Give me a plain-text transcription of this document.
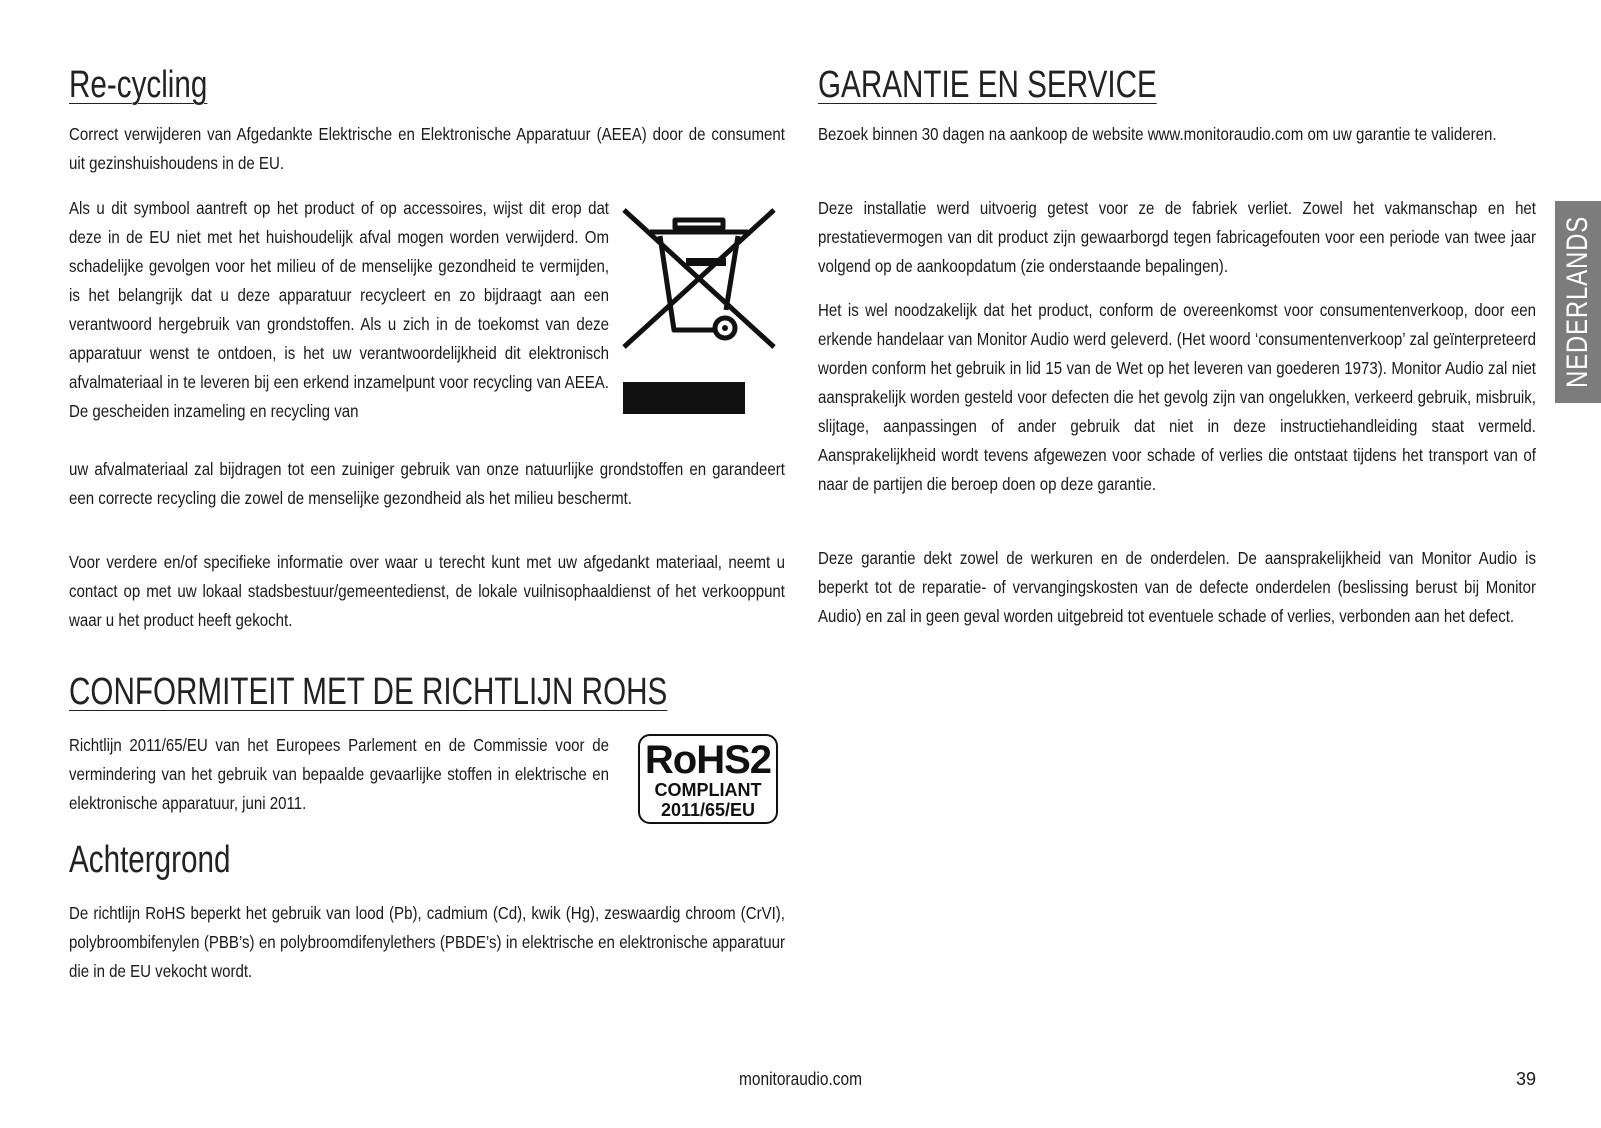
Re-cycling

Correct verwijderen van Afgedankte Elektrische en Elektronische Apparatuur (AEEA) door de consument uit gezinshuishoudens in de EU.

Als u dit symbool aantreft op het product of op accessoires, wijst dit erop dat deze in de EU niet met het huishoudelijk afval mogen worden verwijderd. Om schadelijke gevolgen voor het milieu of de menselijke gezondheid te vermijden, is het belangrijk dat u deze apparatuur recycleert en zo bijdraagt aan een verantwoord hergebruik van grondstoffen. Als u zich in de toekomst van deze apparatuur wenst te ontdoen, is het uw verantwoordelijkheid dit elektronisch afvalmateriaal in te leveren bij een erkend inzamelpunt voor recycling van AEEA. De gescheiden inzameling en recycling van

uw afvalmateriaal zal bijdragen tot een zuiniger gebruik van onze natuurlijke grondstoffen en garandeert een correcte recycling die zowel de menselijke gezondheid als het milieu beschermt.

Voor verdere en/of specifieke informatie over waar u terecht kunt met uw afgedankt materiaal, neemt u contact op met uw lokaal stadsbestuur/gemeentedienst, de lokale vuilnisophaaldienst of het verkooppunt waar u het product heeft gekocht.

CONFORMITEIT MET DE RICHTLIJN ROHS

Richtlijn 2011/65/EU van het Europees Parlement en de Commissie voor de vermindering van het gebruik van bepaalde gevaarlijke stoffen in elektrische en elektronische apparatuur, juni 2011.

RoHS2
COMPLIANT
2011/65/EU
Achtergrond

De richtlijn RoHS beperkt het gebruik van lood (Pb), cadmium (Cd), kwik (Hg), zeswaardig chroom (CrVI), polybroombifenylen (PBB’s) en polybroomdifenylethers (PBDE’s) in elektrische en elektronische apparatuur die in de EU vekocht wordt.

GARANTIE EN SERVICE

Bezoek binnen 30 dagen na aankoop de website www.monitoraudio.com om uw garantie te valideren.

Deze installatie werd uitvoerig getest voor ze de fabriek verliet. Zowel het vakmanschap en het prestatievermogen van dit product zijn gewaarborgd tegen fabricagefouten voor een periode van twee jaar volgend op de aankoopdatum (zie onderstaande bepalingen).

Het is wel noodzakelijk dat het product, conform de overeenkomst voor consumentenverkoop, door een erkende handelaar van Monitor Audio werd geleverd. (Het woord ‘consumentenverkoop’ zal geïnterpreteerd worden conform het gebruik in lid 15 van de Wet op het leveren van goederen 1973). Monitor Audio zal niet aansprakelijk worden gesteld voor defecten die het gevolg zijn van ongelukken, verkeerd gebruik, misbruik, slijtage, aanpassingen of ander gebruik dat niet in deze instructiehandleiding staat vermeld. Aansprakelijkheid wordt tevens afgewezen voor schade of verlies die ontstaat tijdens het transport van of naar de partijen die beroep doen op deze garantie.

Deze garantie dekt zowel de werkuren en de onderdelen. De aansprakelijkheid van Monitor Audio is beperkt tot de reparatie- of vervangingskosten van de defecte onderdelen (beslissing berust bij Monitor Audio) en zal in geen geval worden uitgebreid tot eventuele schade of verlies, verbonden aan het defect.

NEDERLANDS
monitoraudio.com	39
